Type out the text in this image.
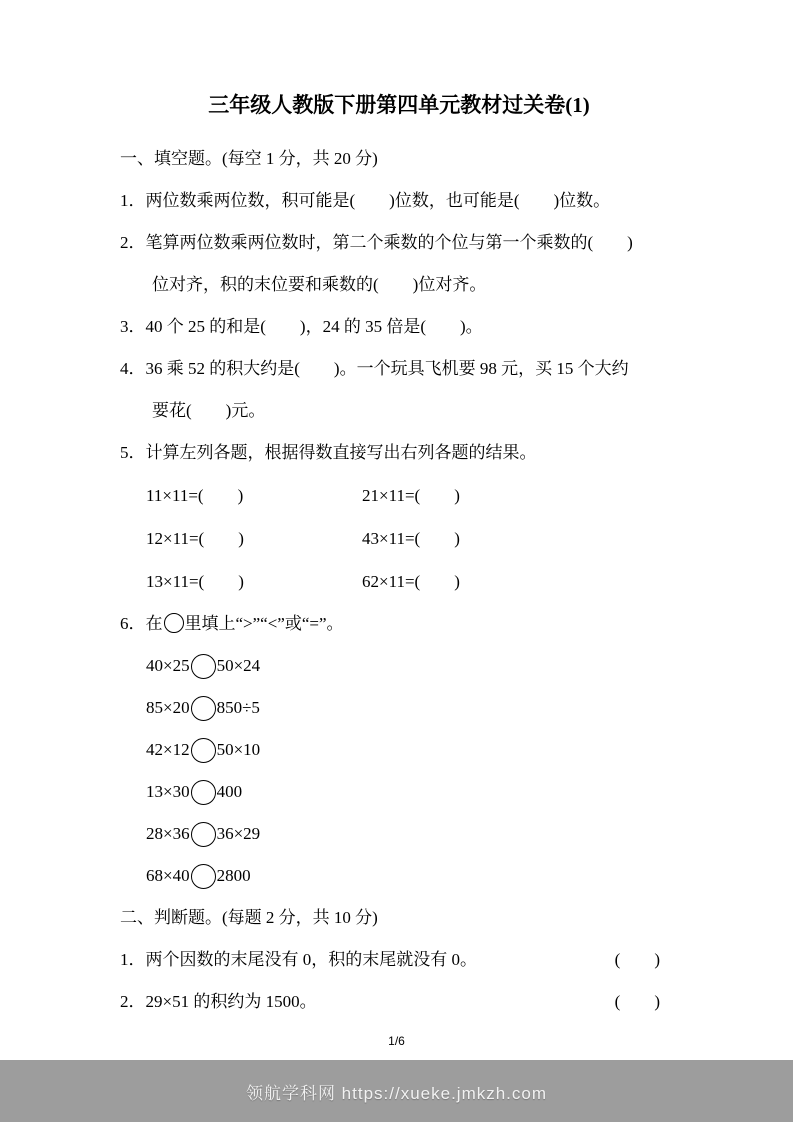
三年级人教版下册第四单元教材过关卷(1)
一、填空题。(每空 1 分，共 20 分)
1．两位数乘两位数，积可能是(　　)位数，也可能是(　　)位数。
2．笔算两位数乘两位数时，第二个乘数的个位与第一个乘数的(　　)
位对齐，积的末位要和乘数的(　　)位对齐。
3．40 个 25 的和是(　　)，24 的 35 倍是(　　)。
4．36 乘 52 的积大约是(　　)。一个玩具飞机要 98 元，买 15 个大约
要花(　　)元。
5．计算左列各题，根据得数直接写出右列各题的结果。
11×11=(　　)	21×11=(　　)
12×11=(　　)	43×11=(　　)
13×11=(　　)	62×11=(　　)
6．在 里填上“>”“<”或“=”。
40×25 50×24
85×20 850÷5
42×12 50×10
13×30 400
28×36 36×29
68×40 2800
二、判断题。(每题 2 分，共 10 分)
1．两个因数的末尾没有 0，积的末尾就没有 0。	(　　)
2．29×51 的积约为 1500。	(　　)
1/6
领航学科网 https://xueke.jmkzh.com
